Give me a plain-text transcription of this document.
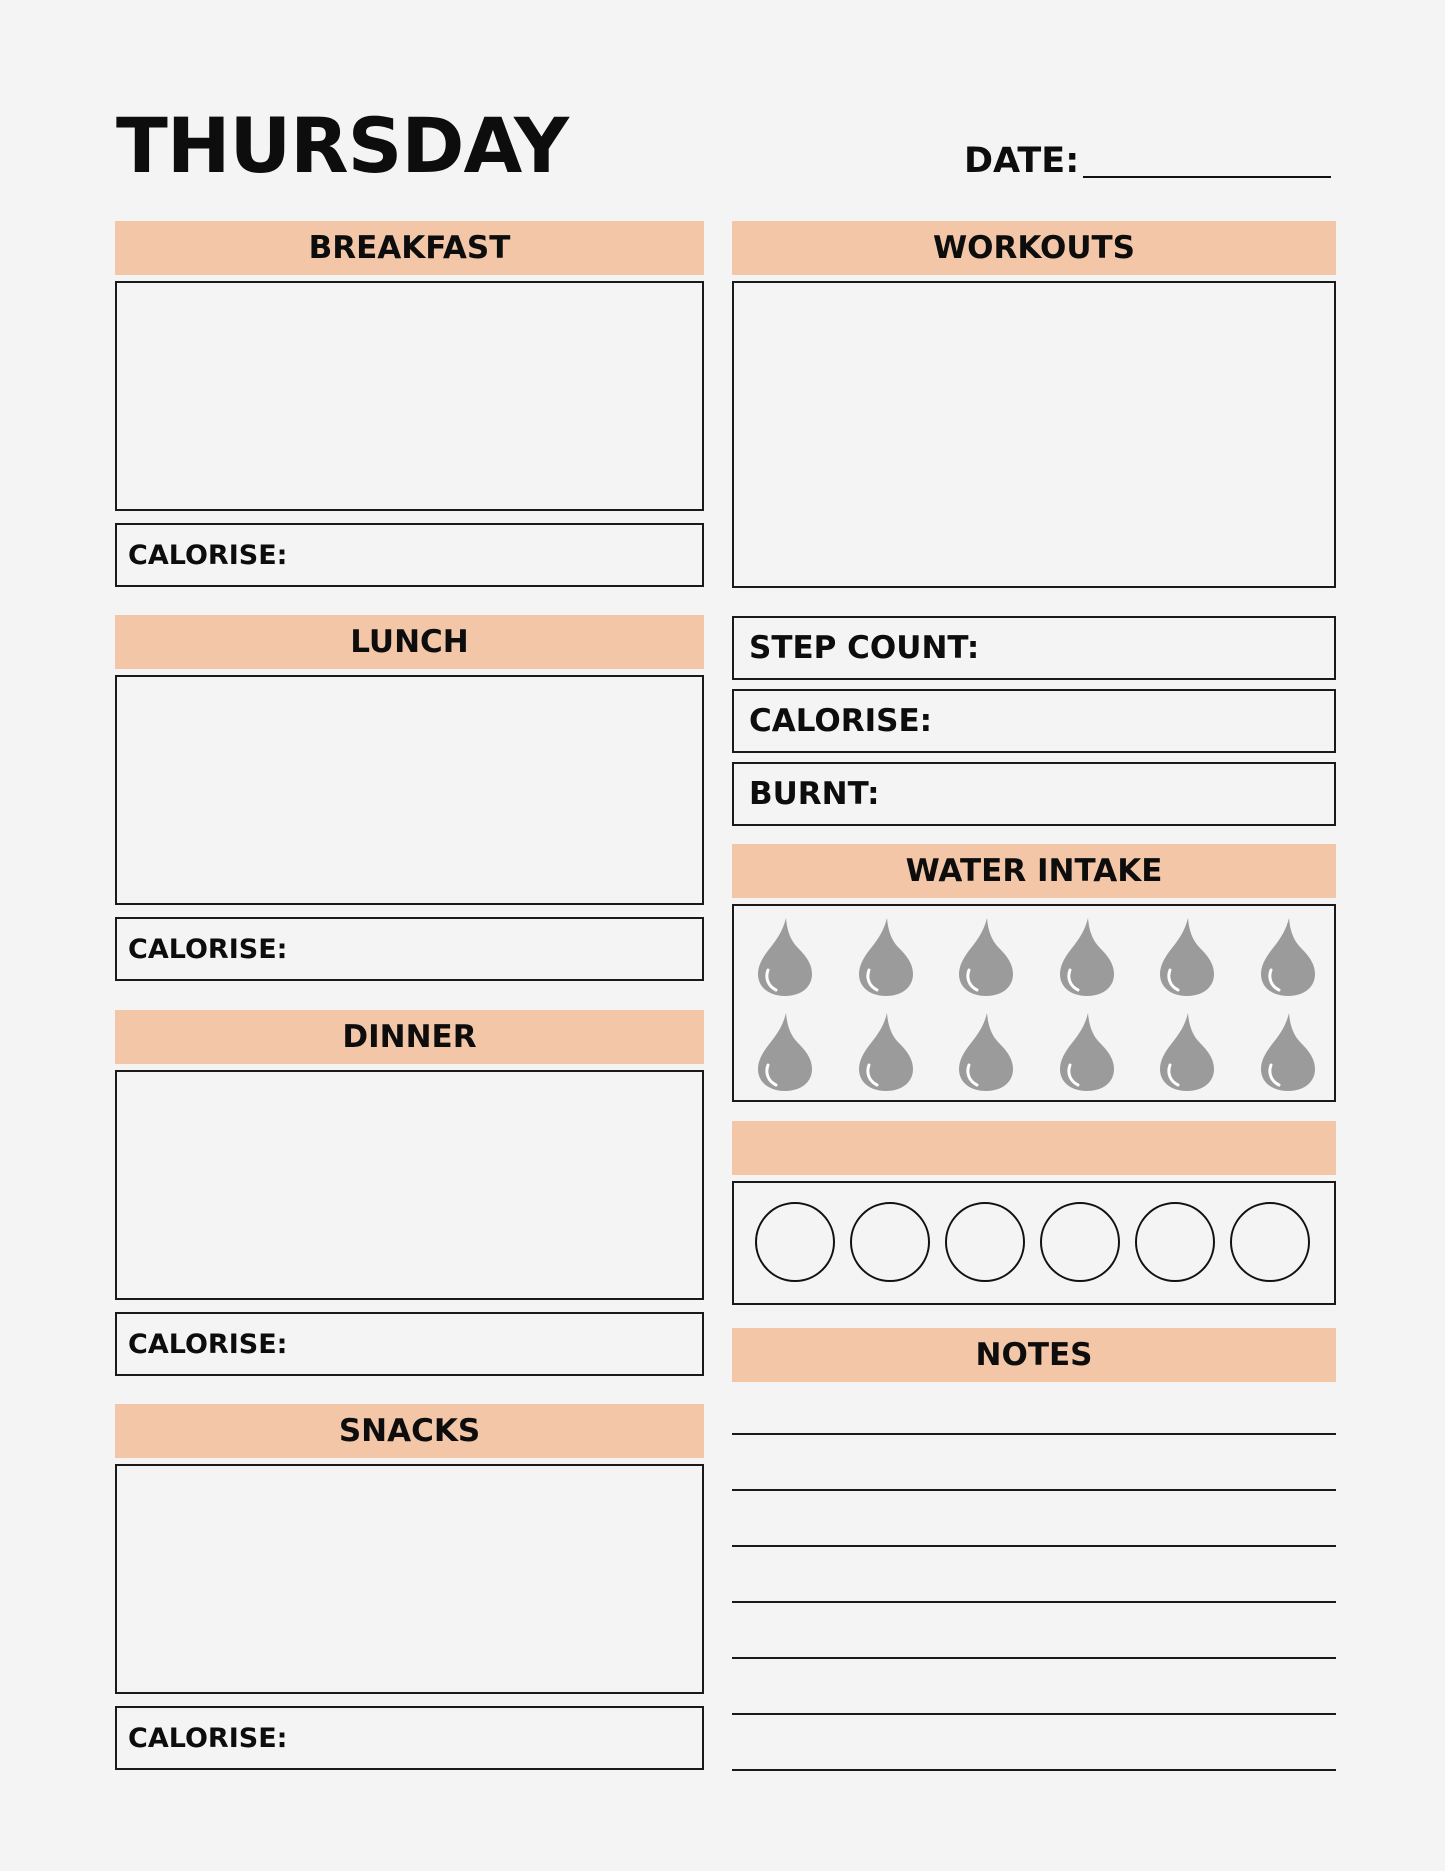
THURSDAY	DATE:
BREAKFAST
CALORISE:
LUNCH
CALORISE:
DINNER
CALORISE:
SNACKS
CALORISE:
WORKOUTS
STEP COUNT:
CALORISE:
BURNT:
WATER INTAKE
NOTES
